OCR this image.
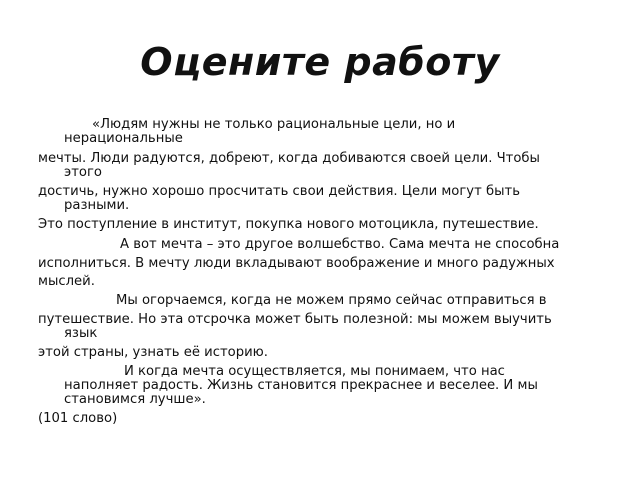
Оцените работу
«Людям нужны не только рациональные цели, но и
нерациональные
мечты. Люди радуются, добреют, когда добиваются своей цели. Чтобы
этого
достичь, нужно хорошо просчитать свои действия. Цели могут быть
разными.
Это поступление в институт, покупка нового мотоцикла, путешествие.
А вот мечта – это другое волшебство. Сама мечта не способна
исполниться. В мечту люди вкладывают воображение и много радужных
мыслей.
Мы огорчаемся, когда не можем прямо сейчас отправиться в
путешествие. Но эта отсрочка может быть полезной: мы можем выучить
язык
этой страны, узнать её историю.
И когда мечта осуществляется, мы понимаем, что нас
наполняет радость. Жизнь становится прекраснее и веселее. И мы
становимся лучше».
(101 слово)
